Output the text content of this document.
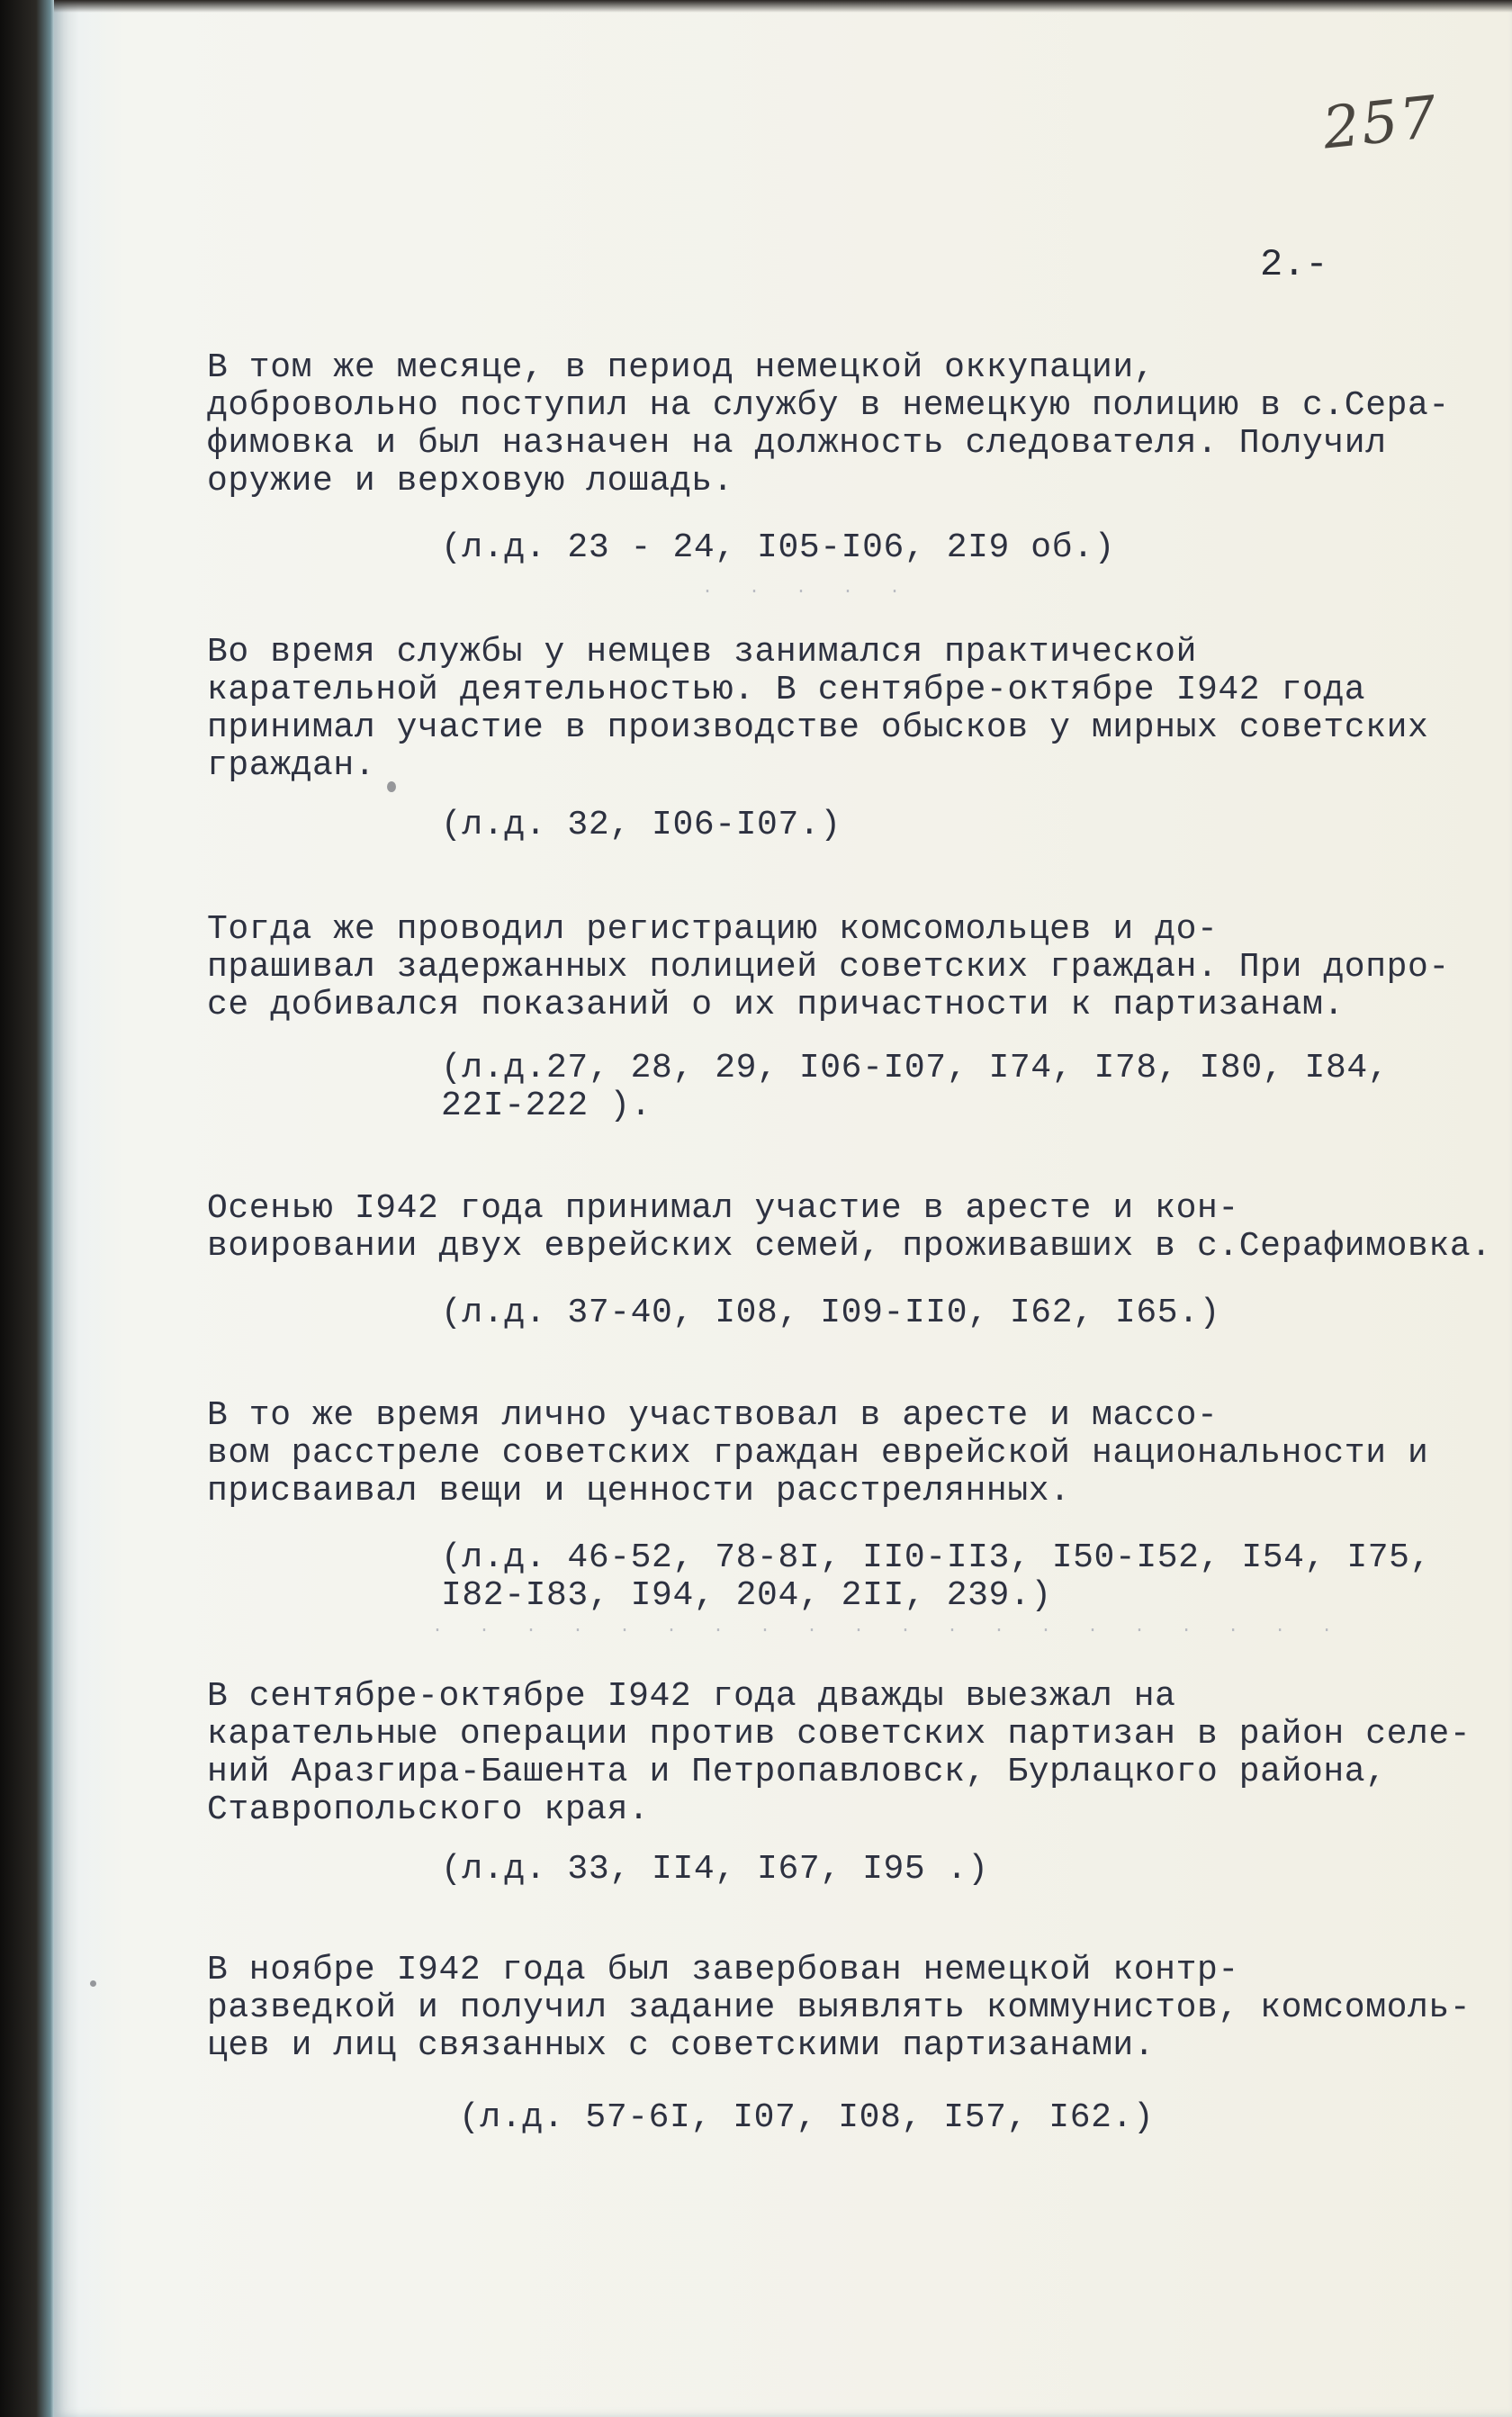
257
2.-
В том же месяце, в период немецкой оккупации,
добровольно поступил на службу в немецкую полицию в с.Сера-
фимовка и был назначен на должность следователя. Получил
оружие и верховую лошадь.
(л.д. 23 - 24, I05-I06, 2I9 об.)
. . . . .
Во время службы у немцев занимался практической
карательной деятельностью. В сентябре-октябре I942 года
принимал участие в производстве обысков у мирных советских
граждан.
(л.д. 32, I06-I07.)
Тогда же проводил регистрацию комсомольцев и до-
прашивал задержанных полицией советских граждан. При допро-
се добивался показаний о их причастности к партизанам.
(л.д.27, 28, 29, I06-I07, I74, I78, I80, I84,
22I-222 ).
Осенью I942 года принимал участие в аресте и кон-
воировании двух еврейских семей, проживавших в с.Серафимовка.
(л.д. 37-40, I08, I09-II0, I62, I65.)
В то же время лично участвовал в аресте и массо-
вом расстреле советских граждан еврейской национальности и
присваивал вещи и ценности расстрелянных.
(л.д. 46-52, 78-8I, II0-II3, I50-I52, I54, I75,
I82-I83, I94, 204, 2II, 239.)
. . . . . . . . . . . . . . . . . . . .
В сентябре-октябре I942 года дважды выезжал на
карательные операции против советских партизан в район селе-
ний Аразгира-Башента и Петропавловск, Бурлацкого района,
Ставропольского края.
(л.д. 33, II4, I67, I95 .)
В ноябре I942 года был завербован немецкой контр-
разведкой и получил задание выявлять коммунистов, комсомоль-
цев и лиц связанных с советскими партизанами.
(л.д. 57-6I, I07, I08, I57, I62.)
